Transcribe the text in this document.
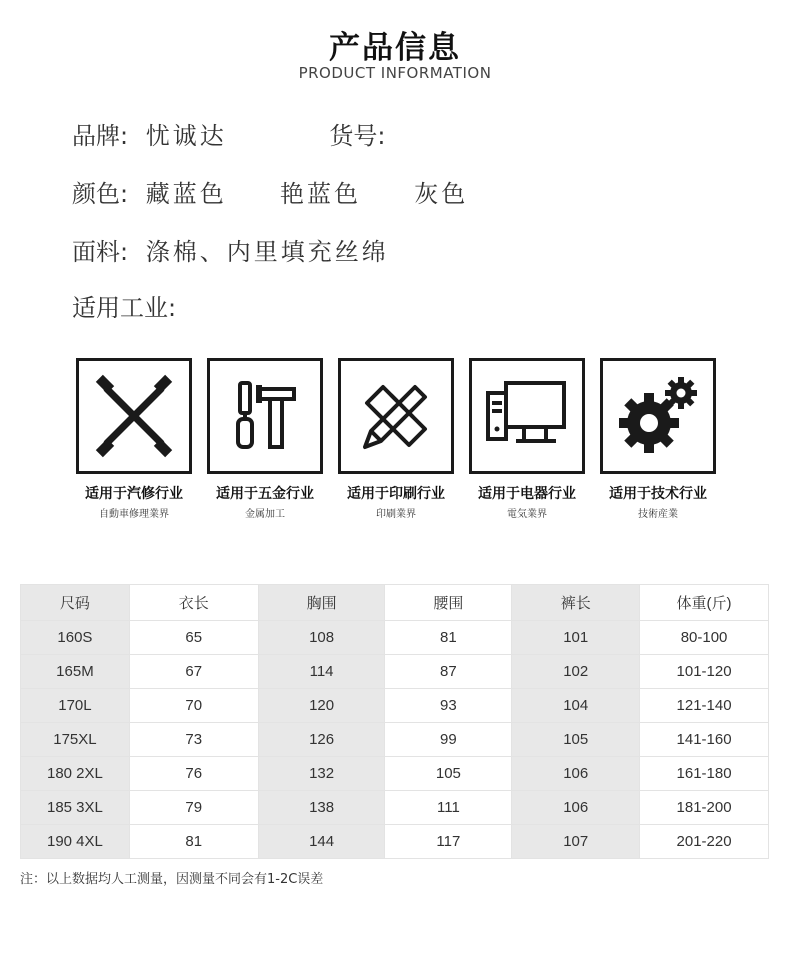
产品信息
PRODUCT INFORMATION
品牌: 忧诚达	货号:
颜色: 藏蓝色 艳蓝色 灰色
面料: 涤棉、内里填充丝绵
适用工业:
适用于汽修行业
自動車修理業界
适用于五金行业
金属加工
适用于印刷行业
印刷業界
适用于电器行业
電気業界
适用于技术行业
技術産業
尺码	衣长	胸围	腰围	裤长	体重(斤)
160S	65	108	81	101	80-100
165M	67	114	87	102	101-120
170L	70	120	93	104	121-140
175XL	73	126	99	105	141-160
180 2XL	76	132	105	106	161-180
185 3XL	79	138	111	106	181-200
190 4XL	81	144	117	107	201-220
注：以上数据均人工测量，因测量不同会有1-2C误差
